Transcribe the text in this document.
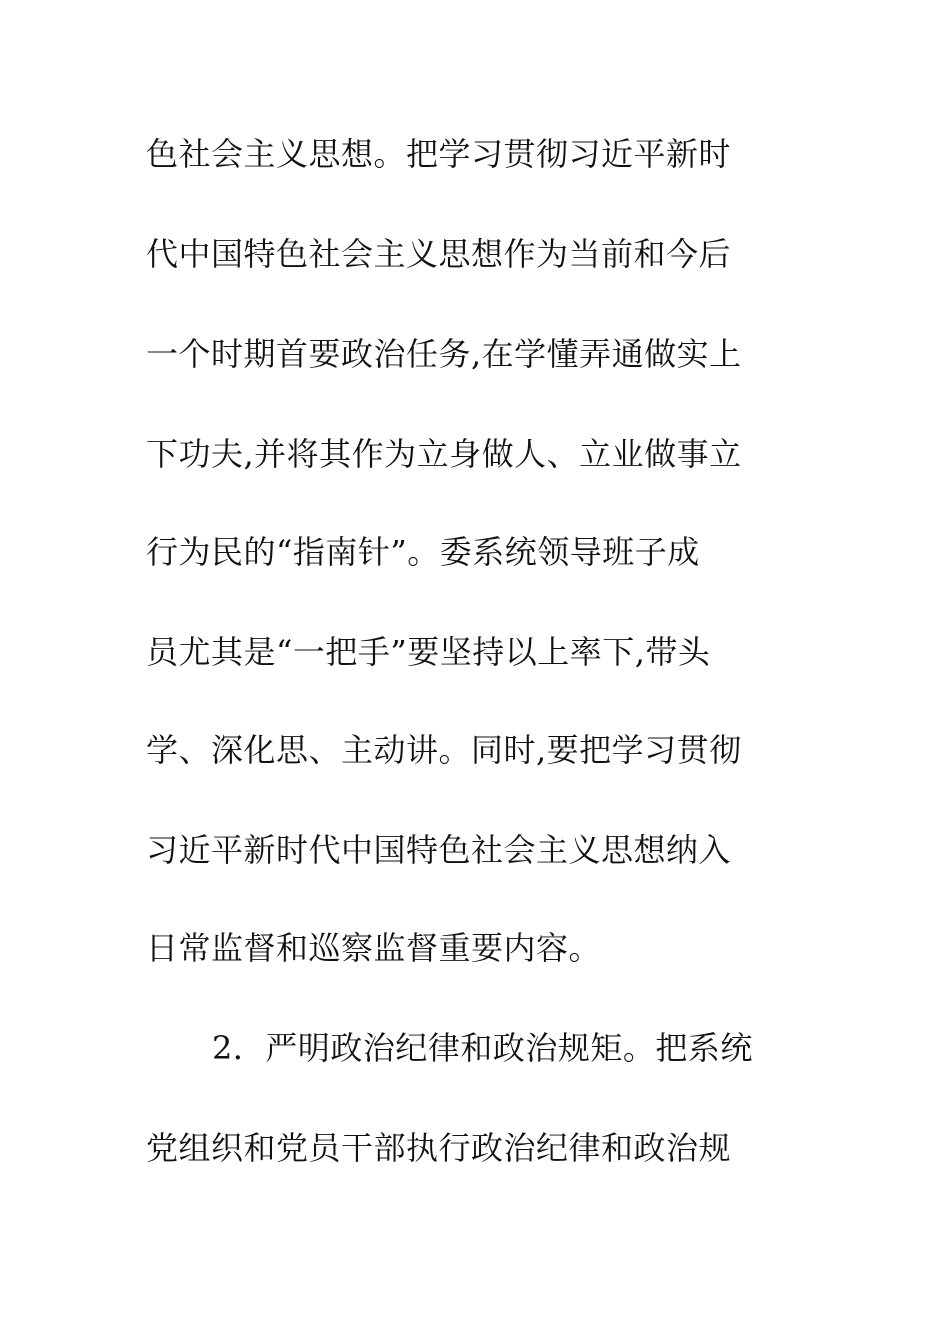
色社会主义思想。把学习贯彻习近平新时
代中国特色社会主义思想作为当前和今后
一个时期首要政治任务,在学懂弄通做实上
下功夫,并将其作为立身做人、立业做事立
行为民的“指南针”。委系统领导班子成
员尤其是“一把手”要坚持以上率下,带头
学、深化思、主动讲。同时,要把学习贯彻
习近平新时代中国特色社会主义思想纳入
日常监督和巡察监督重要内容。
2．严明政治纪律和政治规矩。把系统
党组织和党员干部执行政治纪律和政治规
